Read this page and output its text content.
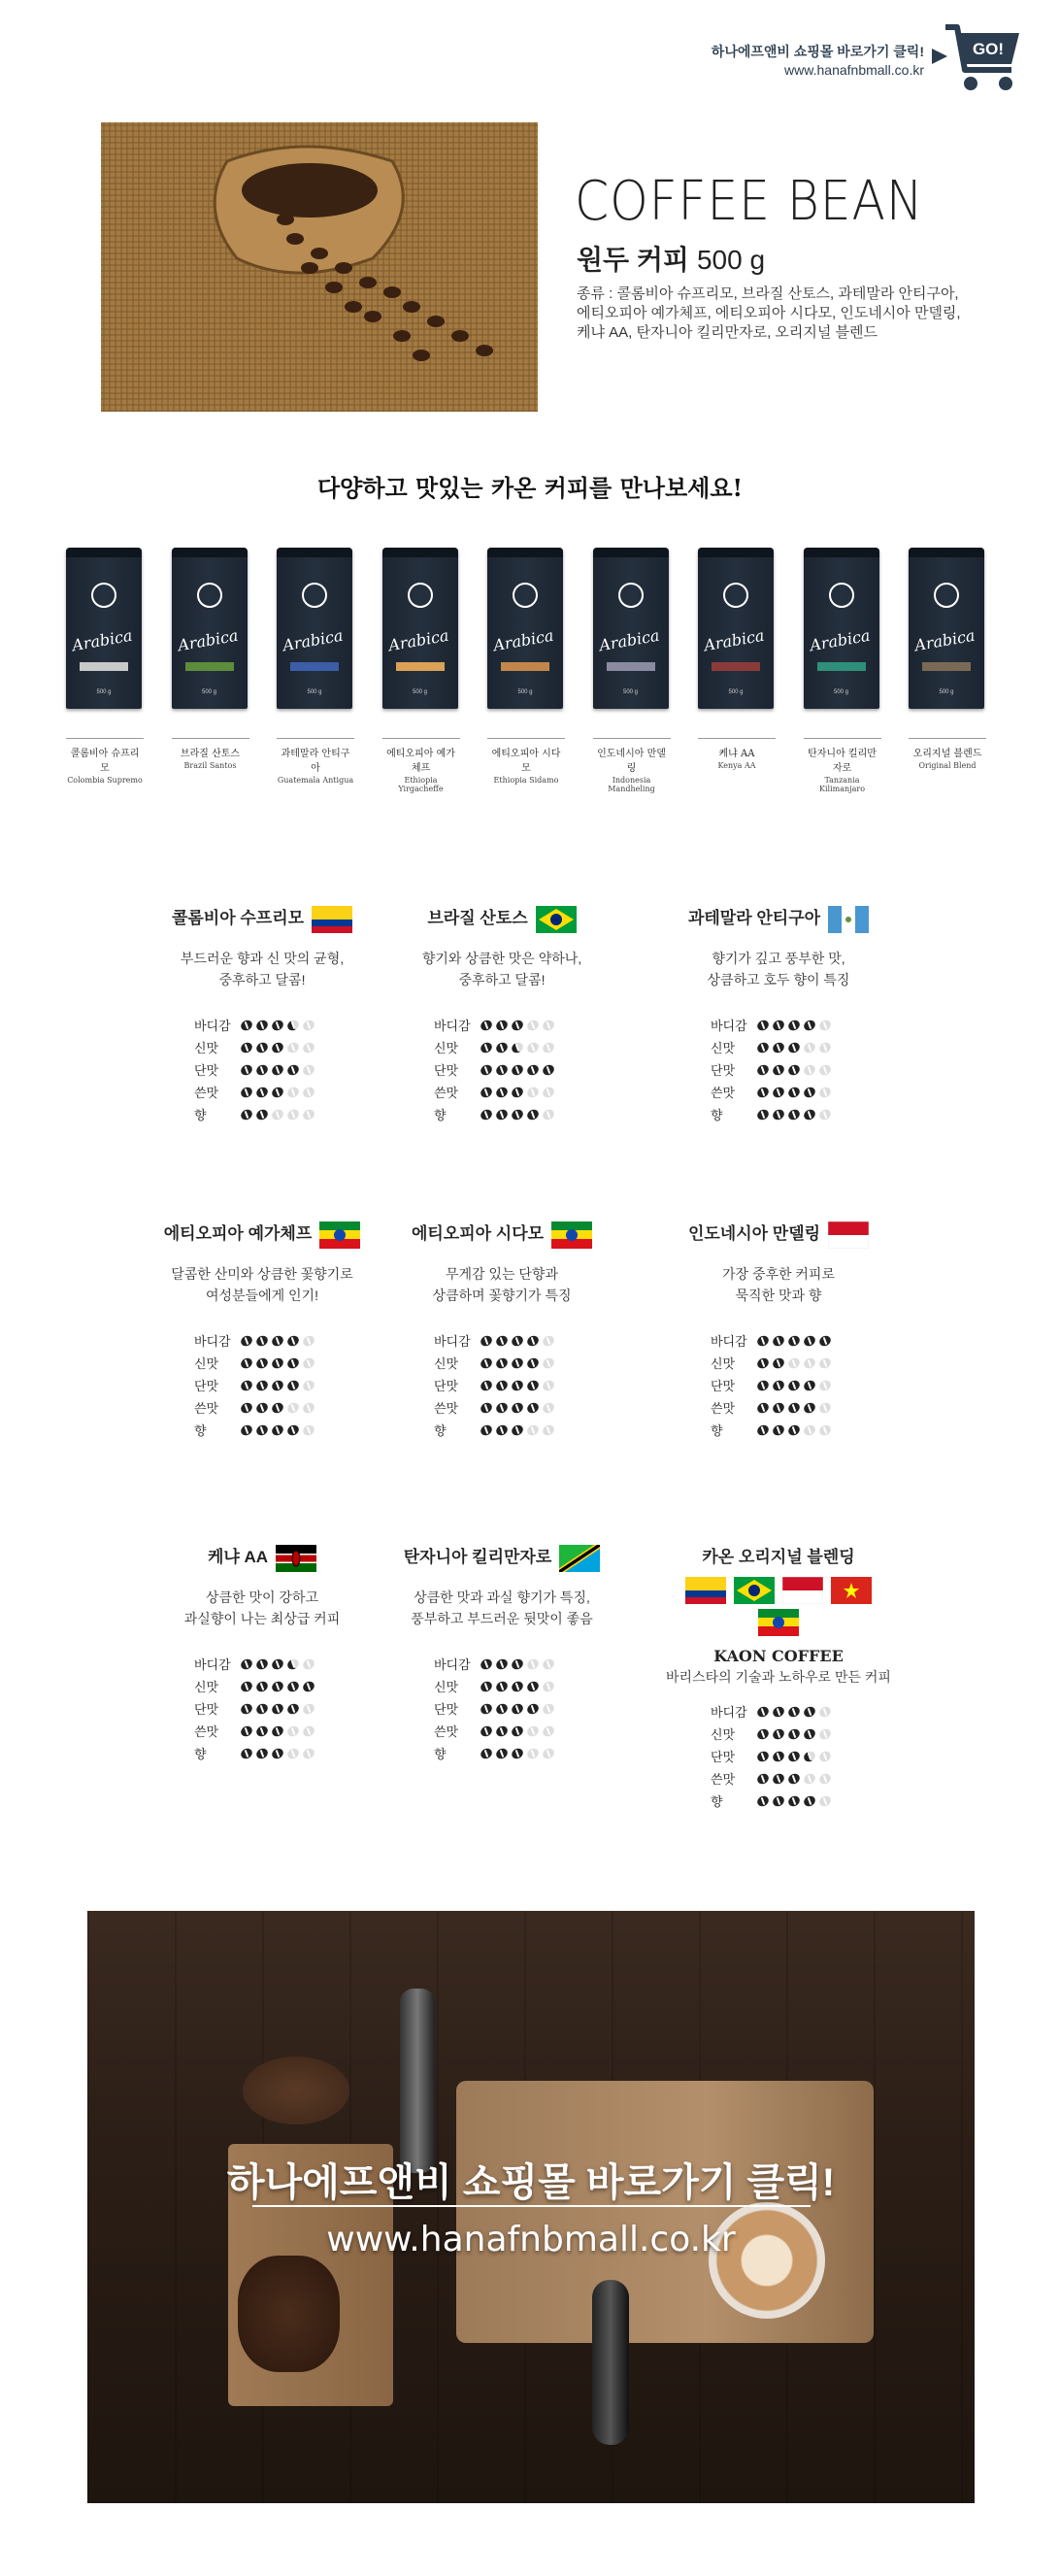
하나에프앤비 쇼핑몰 바로가기 클릭!
www.hanafnbmall.co.kr
GO!
COFFEE BEAN
원두 커피 500 g
종류 : 콜롬비아 슈프리모, 브라질 산토스, 과테말라 안티구아,
에티오피아 예가체프, 에티오피아 시다모, 인도네시아 만델링,
케냐 AA, 탄자니아 킬리만자로, 오리지널 블렌드
다양하고 맛있는 카온 커피를 만나보세요!
Arabica
500 g
콜롬비아 슈프리모
Colombia Supremo
Arabica
500 g
브라질 산토스
Brazil Santos
Arabica
500 g
과테말라 안티구아
Guatemala Antigua
Arabica
500 g
에티오피아 예가체프
Ethiopia Yirgacheffe
Arabica
500 g
에티오피아 시다모
Ethiopia Sidamo
Arabica
500 g
인도네시아 만델링
Indonesia Mandheling
Arabica
500 g
케냐 AA
Kenya AA
Arabica
500 g
탄자니아 킬리만자로
Tanzania Kilimanjaro
Arabica
500 g
오리지널 블렌드
Original Blend
콜롬비아 수프리모
부드러운 향과 신 맛의 균형,
중후하고 달콤!
바디감
신맛
단맛
쓴맛
향
브라질 산토스
향기와 상큼한 맛은 약하나,
중후하고 달콤!
바디감
신맛
단맛
쓴맛
향
과테말라 안티구아
향기가 깊고 풍부한 맛,
상큼하고 호두 향이 특징
바디감
신맛
단맛
쓴맛
향
에티오피아 예가체프
달콤한 산미와 상큼한 꽃향기로
여성분들에게 인기!
바디감
신맛
단맛
쓴맛
향
에티오피아 시다모
무게감 있는 단향과
상큼하며 꽃향기가 특징
바디감
신맛
단맛
쓴맛
향
인도네시아 만델링
가장 중후한 커피로
묵직한 맛과 향
바디감
신맛
단맛
쓴맛
향
케냐 AA
상큼한 맛이 강하고
과실향이 나는 최상급 커피
바디감
신맛
단맛
쓴맛
향
탄자니아 킬리만자로
상큼한 맛과 과실 향기가 특징,
풍부하고 부드러운 뒷맛이 좋음
바디감
신맛
단맛
쓴맛
향
카온 오리지널 블렌딩
KAON COFFEE
바리스타의 기술과 노하우로 만든 커피
바디감
신맛
단맛
쓴맛
향
하나에프앤비 쇼핑몰 바로가기 클릭!
www.hanafnbmall.co.kr
